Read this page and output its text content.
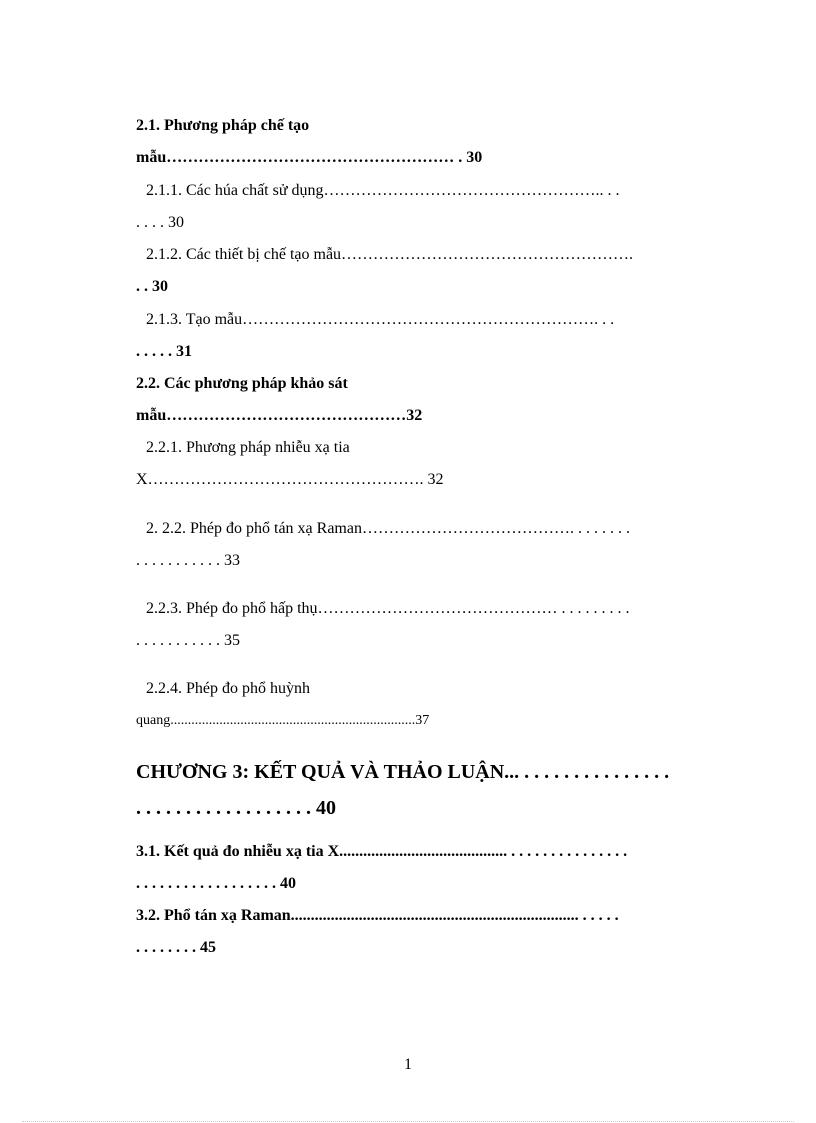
2.1. Phương pháp chế tạo
mẫu……………………………………………… . 30
2.1.1. Các húa chất sử dụng…………………………………………….. . .
. . . . 30
2.1.2. Các thiết bị chế tạo mẫu……………………………………………….
. . 30
2.1.3. Tạo mẫu…………………………………………………………. . .
. . . . . 31
2.2. Các phương pháp khảo sát
mẫu………………………………………32
2.2.1. Phương pháp nhiễu xạ tia
X……………………………………………. 32
2. 2.2. Phép đo phổ tán xạ Raman…………………………………. . . . . . . .
. . . . . . . . . . . 33
2.2.3. Phép đo phổ hấp thụ……………………………………… . . . . . . . . .
. . . . . . . . . . . 35
2.2.4. Phép đo phổ huỳnh
quang......................................................................37
CHƯƠNG 3: KẾT QUẢ VÀ THẢO LUẬN... . . . . . . . . . . . . . . .
. . . . . . . . . . . . . . . . . . 40
3.1. Kết quả đo nhiễu xạ tia X.......................................... . . . . . . . . . . . . . . .
. . . . . . . . . . . . . . . . . . 40
3.2. Phổ tán xạ Raman........................................................................ . . . . .
. . . . . . . . 45
1
